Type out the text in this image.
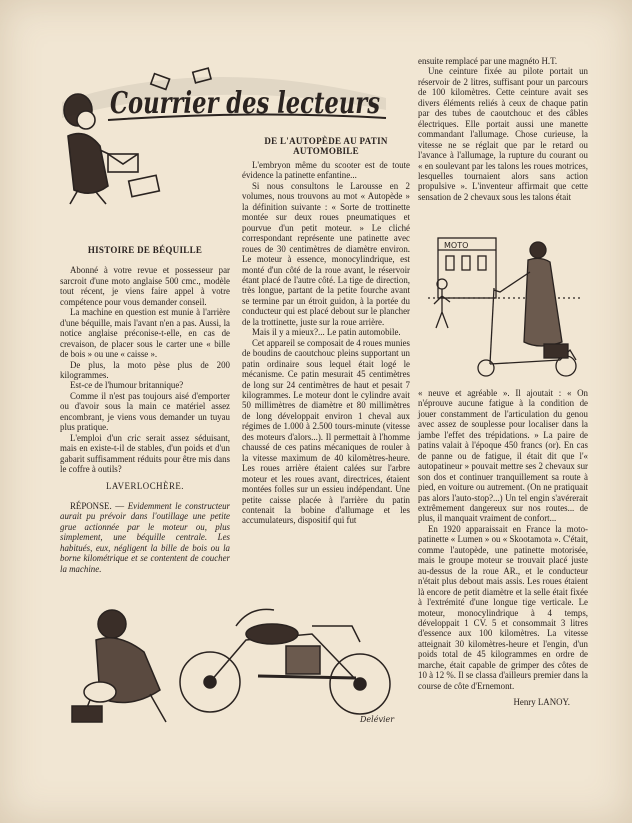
Courrier des lecteurs

HISTOIRE DE BÉQUILLE

Abonné à votre revue et possesseur par sarcroit d'une moto anglaise 500 cmc., modèle tout récent, je viens faire appel à votre compétence pour vous demander conseil.

La machine en question est munie à l'arrière d'une béquille, mais l'avant n'en a pas. Aussi, la notice anglaise préconise-t-elle, en cas de crevaison, de placer sous le carter une « bille de bois » ou une « caisse ».

De plus, la moto pèse plus de 200 kilogrammes.

Est-ce de l'humour britannique?

Comme il n'est pas toujours aisé d'emporter ou d'avoir sous la main ce matériel assez encombrant, je viens vous demander un tuyau plus pratique.

L'emploi d'un cric serait assez séduisant, mais en existe-t-il de stables, d'un poids et d'un gabarit suffisamment réduits pour être mis dans le coffre à outils?

LAVERLOCHÈRE.

RÉPONSE. — Evidemment le constructeur aurait pu prévoir dans l'outillage une petite grue actionnée par le moteur ou, plus simplement, une béquille centrale. Les habitués, eux, négligent la bille de bois ou la borne kilométrique et se contentent de coucher la machine.

DE L'AUTOPÈDE AU PATIN AUTOMOBILE

L'embryon même du scooter est de toute évidence la patinette enfantine...

Si nous consultons le Larousse en 2 volumes, nous trouvons au mot « Autopède » la définition suivante : « Sorte de trottinette montée sur deux roues pneumatiques et pourvue d'un petit moteur. » Le cliché correspondant représente une patinette avec roues de 30 centimètres de diamètre environ. Le moteur à essence, monocylindrique, est monté d'un côté de la roue avant, le réservoir étant placé de l'autre côté. La tige de direction, très longue, partant de la petite fourche avant se termine par un étroit guidon, à la portée du conducteur qui est placé debout sur le plancher de la trottinette, juste sur la roue arrière.

Mais il y a mieux?... Le patin automobile.

Cet appareil se composait de 4 roues munies de boudins de caoutchouc pleins supportant un patin ordinaire sous lequel était logé le mécanisme. Ce patin mesurait 45 centimètres de long sur 24 centimètres de haut et pesait 7 kilogrammes. Le moteur dont le cylindre avait 50 millimètres de diamètre et 80 millimètres de long développait environ 1 cheval aux régimes de 1.000 à 2.500 tours-minute (vitesse des moteurs d'alors...). Il permettait à l'homme chaussé de ces patins mécaniques de rouler à la vitesse maximum de 40 kilomètres-heure. Les roues arrière étaient calées sur l'arbre moteur et les roues avant, directrices, étaient montées folles sur un essieu indépendant. Une petite caisse placée à l'arrière du patin contenait la bobine d'allumage et les accumulateurs, dispositif qui fut

ensuite remplacé par une magnéto H.T.

Une ceinture fixée au pilote portait un réservoir de 2 litres, suffisant pour un parcours de 100 kilomètres. Cette ceinture avait ses divers éléments reliés à ceux de chaque patin par des tubes de caoutchouc et des câbles électriques. Elle portait aussi une manette commandant l'allumage. Chose curieuse, la vitesse ne se réglait que par le retard ou l'avance à l'allumage, la rupture du courant ou « en soulevant par les talons les roues motrices, lesquelles tournaient alors sans action propulsive ». L'inventeur affirmait que cette sensation de 2 chevaux sous les talons était

MOTO

« neuve et agréable ». Il ajoutait : « On n'éprouve aucune fatigue à la condition de jouer constamment de l'articulation du genou avec assez de souplesse pour localiser dans la jambe l'effet des trépidations. » La paire de patins valait à l'époque 450 francs (or). En cas de panne ou de fatigue, il était dit que l'« autopatineur » pouvait mettre ses 2 chevaux sur son dos et continuer tranquillement sa route à pied, en voiture ou autrement. (On ne pratiquait pas alors l'auto-stop?...) Un tel engin s'avérerait extrêmement dangereux sur nos routes... de plus, il manquait vraiment de confort...

En 1920 apparaissait en France la moto-patinette « Lumen » ou « Skootamota ». C'était, comme l'autopède, une patinette motorisée, mais le groupe moteur se trouvait placé juste au-dessus de la roue AR., et le conducteur n'était plus debout mais assis. Les roues étaient là encore de petit diamètre et la selle était fixée à l'extrémité d'une longue tige verticale. Le moteur, monocylindrique à 4 temps, développait 1 CV. 5 et consommait 3 litres d'essence aux 100 kilomètres. La vitesse atteignait 30 kilomètres-heure et l'engin, d'un poids total de 45 kilogrammes en ordre de marche, était capable de grimper des côtes de 10 à 12 %. Il se classa d'ailleurs premier dans la course de côte d'Ernemont.

Henry LANOY.

Delévier
